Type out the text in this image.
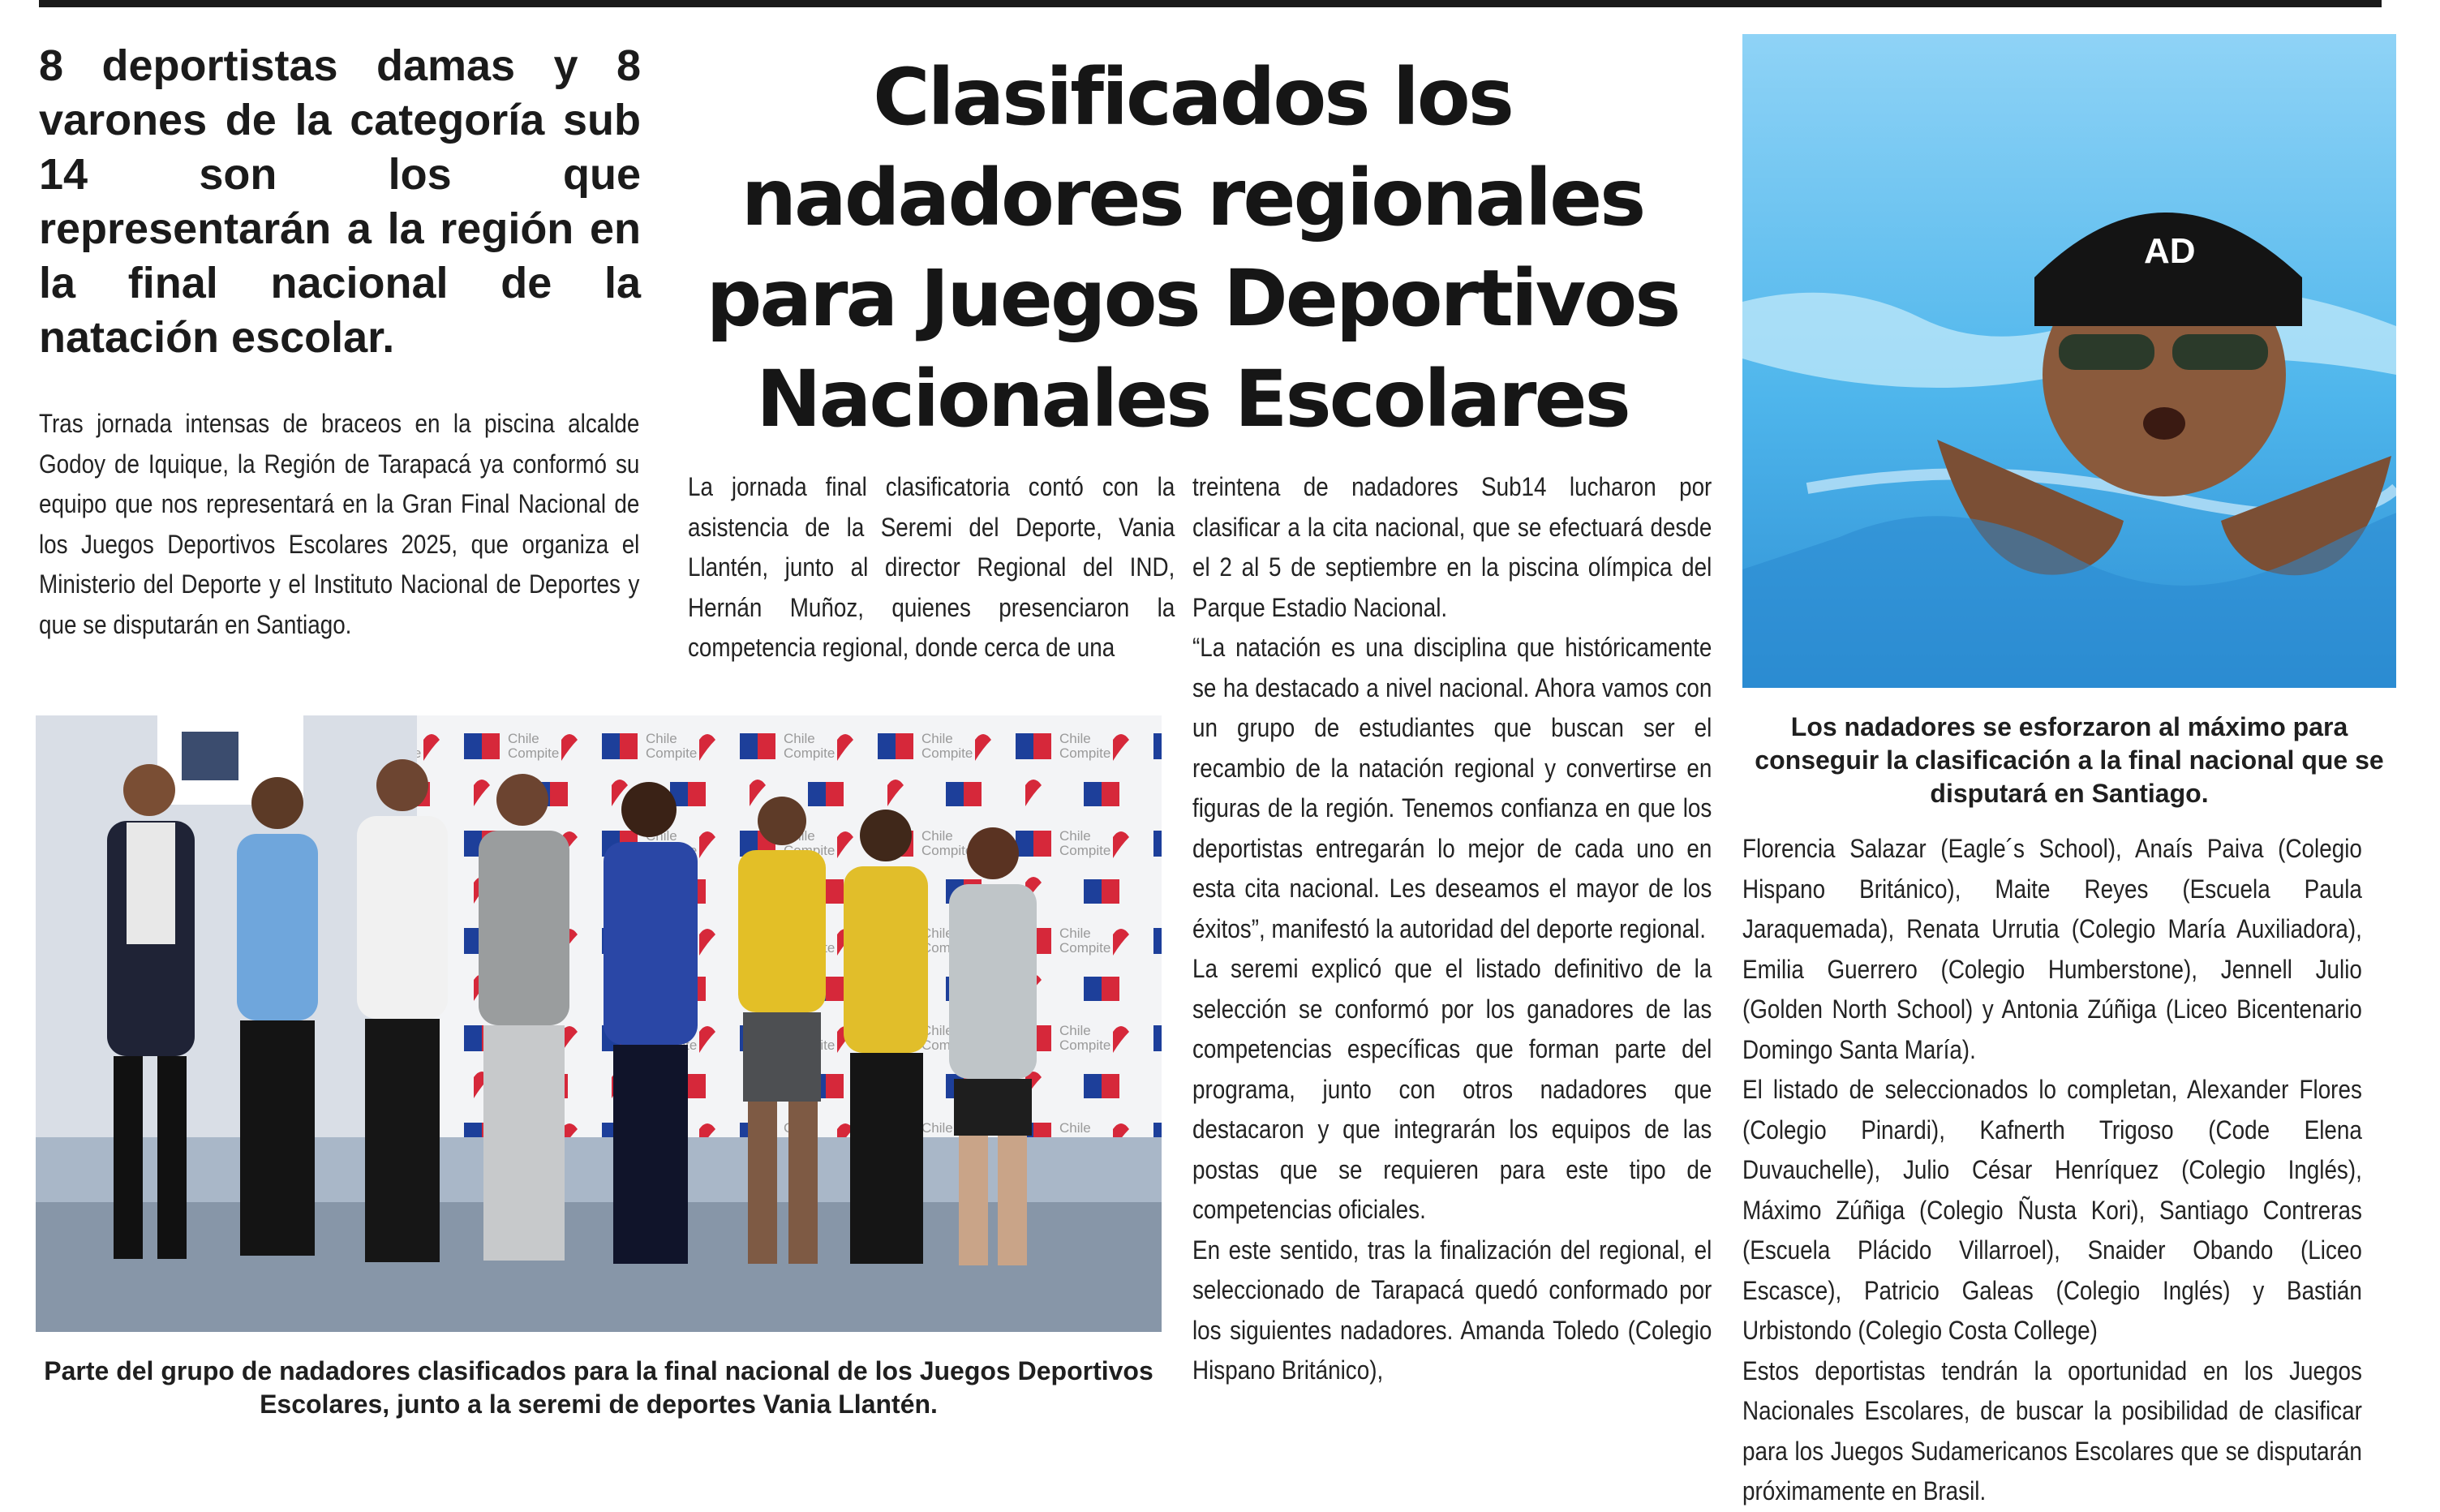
8 deportistas damas y 8 varones de la categoría sub 14 son los que representarán a la región en la final nacional de la natación escolar.
Clasificados los nadadores regionales para Juegos Deportivos Nacionales Escolares

Tras jornada intensas de braceos en la piscina alcalde Godoy de Iquique, la Región de Tarapacá ya conformó su equipo que nos representará en la Gran Final Nacional de los Juegos Deportivos Escolares 2025, que organiza el Ministerio del Deporte y el Instituto Nacional de Deportes y que se disputarán en Santiago.

La jornada final clasificatoria contó con la asistencia de la Seremi del Deporte, Vania Llantén, junto al director Regional del IND, Hernán Muñoz, quienes presenciaron la competencia regional, donde cerca de una

treintena de nadadores Sub14 lucharon por clasificar a la cita nacional, que se efectuará desde el 2 al 5 de septiembre en la piscina olímpica del Parque Estadio Nacional.

“La natación es una disciplina que históricamente se ha destacado a nivel nacional. Ahora vamos con un grupo de estudiantes que buscan ser el recambio de la natación regional y convertirse en figuras de la región. Tenemos confianza en que los deportistas entregarán lo mejor de cada uno en esta cita nacional. Les deseamos el mayor de los éxitos”, manifestó la autoridad del deporte regional.

La seremi explicó que el listado definitivo de la selección se conformó por los ganadores de las competencias específicas que forman parte del programa, junto con otros nadadores que destacaron y que integrarán los equipos de las postas que se requieren para este tipo de competencias oficiales.

En este sentido, tras la finalización del regional, el seleccionado de Tarapacá quedó conformado por los siguientes nadadores. Amanda Toledo (Colegio Hispano Británico),

Florencia Salazar (Eagle´s School), Anaís Paiva (Colegio Hispano Británico), Maite Reyes (Escuela Paula Jaraquemada), Renata Urrutia (Colegio María Auxiliadora), Emilia Guerrero (Colegio Humberstone), Jennell Julio (Golden North School) y Antonia Zúñiga (Liceo Bicentenario Domingo Santa María).

El listado de seleccionados lo completan, Alexander Flores (Colegio Pinardi), Kafnerth Trigoso (Code Elena Duvauchelle), Julio César Henríquez (Colegio Inglés), Máximo Zúñiga (Colegio Ñusta Kori), Santiago Contreras (Escuela Plácido Villarroel), Snaider Obando (Liceo Escasce), Patricio Galeas (Colegio Inglés) y Bastián Urbistondo (Colegio Costa College)

Estos deportistas tendrán la oportunidad en los Juegos Nacionales Escolares, de buscar la posibilidad de clasificar para los Juegos Sudamericanos Escolares que se disputarán próximamente en Brasil.

Parte del grupo de nadadores clasificados para la final nacional de los Juegos Deportivos Escolares, junto a la seremi de deportes Vania Llantén.

AD

Los nadadores se esforzaron al máximo para conseguir la clasificación a la final nacional que se disputará en Santiago.
